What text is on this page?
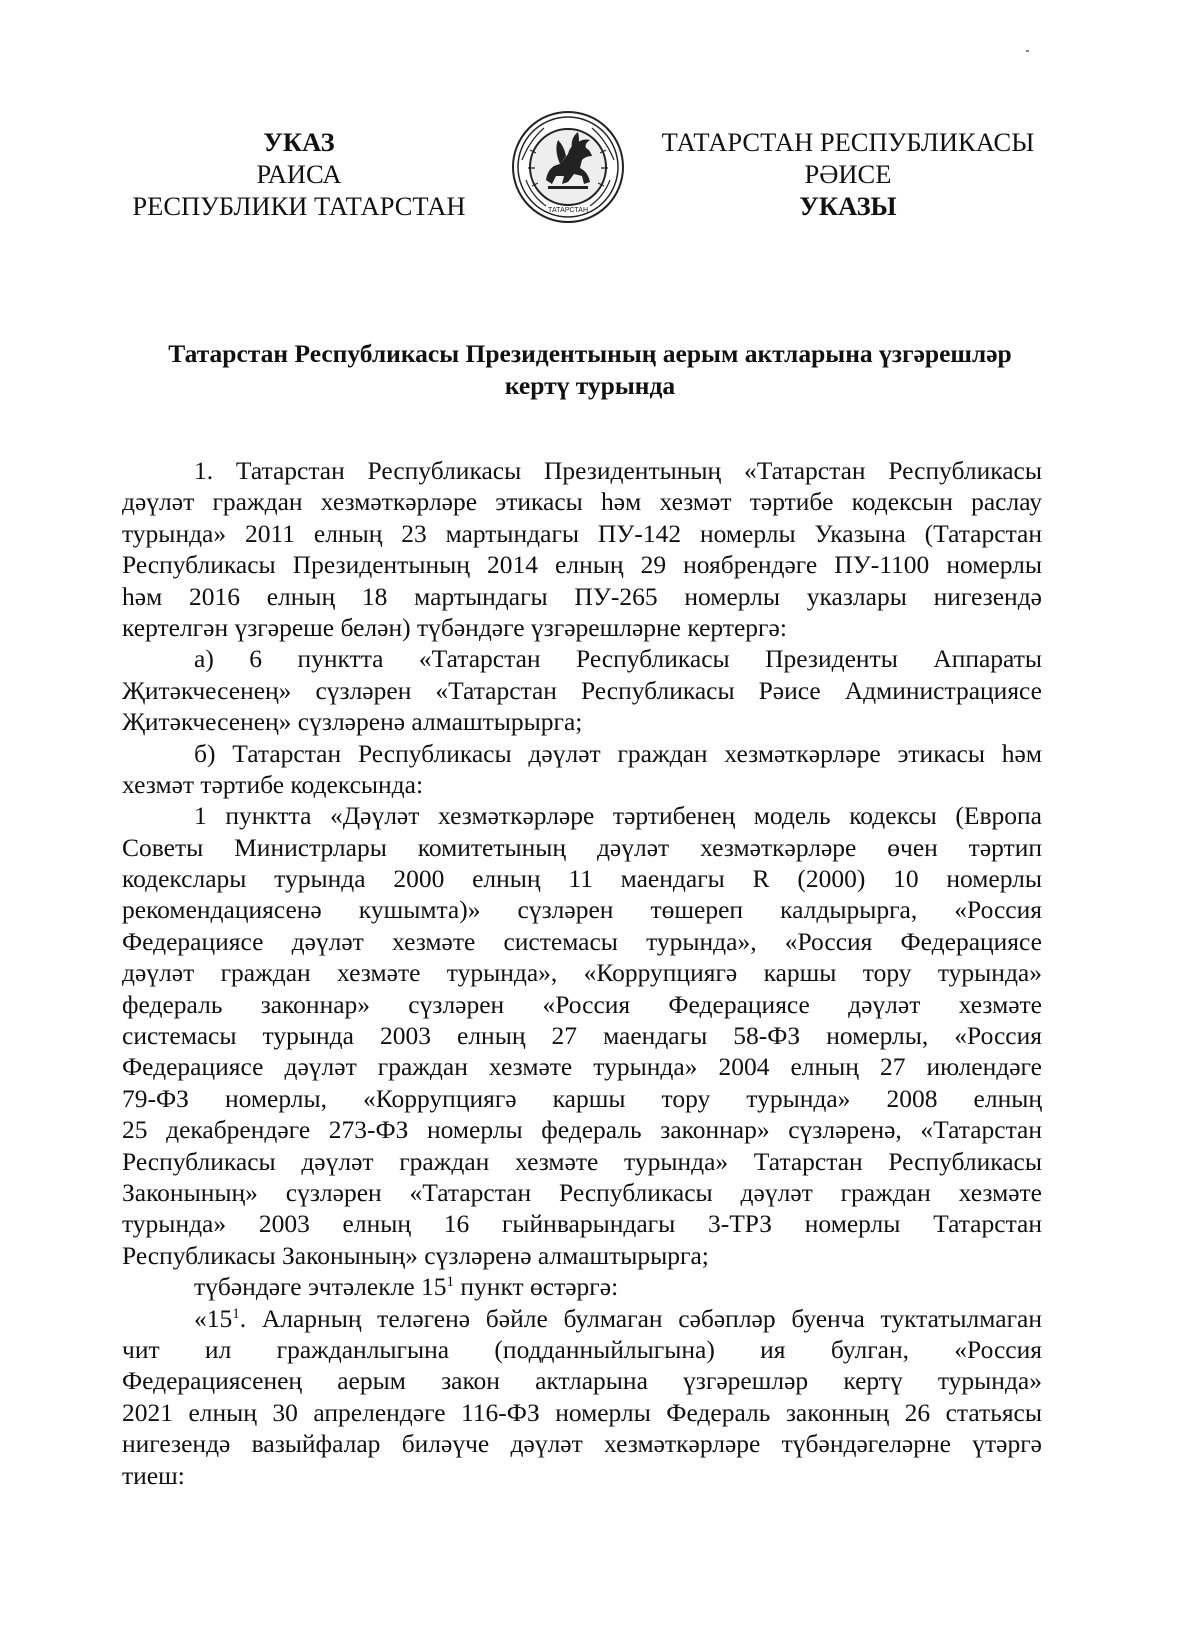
УКАЗ
РАИСА
РЕСПУБЛИКИ ТАТАРСТАН	ТАТАРСТАН
ТАТАРСТАН РЕСПУБЛИКАСЫ
РӘИСЕ
УКАЗЫ
Татарстан Республикасы Президентының аерым актларына үзгәрешләр
кертү турында
1. Татарстан Республикасы Президентының «Татарстан Республикасы
дәүләт граждан хезмәткәрләре этикасы һәм хезмәт тәртибе кодексын раслау
турында» 2011 елның 23 мартындагы ПУ-142 номерлы Указына (Татарстан
Республикасы Президентының 2014 елның 29 ноябрендәге ПУ-1100 номерлы
һәм 2016 елның 18 мартындагы ПУ-265 номерлы указлары нигезендә
кертелгән үзгәреше белән) түбәндәге үзгәрешләрне кертергә:
а) 6 пунктта «Татарстан Республикасы Президенты Аппараты
Җитәкчесенең» сүзләрен «Татарстан Республикасы Рәисе Администрациясе
Җитәкчесенең» сүзләренә алмаштырырга;
б) Татарстан Республикасы дәүләт граждан хезмәткәрләре этикасы һәм
хезмәт тәртибе кодексында:
1 пунктта «Дәүләт хезмәткәрләре тәртибенең модель кодексы (Европа
Советы Министрлары комитетының дәүләт хезмәткәрләре өчен тәртип
кодекслары турында 2000 елның 11 маендагы R (2000) 10 номерлы
рекомендациясенә кушымта)» сүзләрен төшереп калдырырга, «Россия
Федерациясе дәүләт хезмәте системасы турында», «Россия Федерациясе
дәүләт граждан хезмәте турында», «Коррупциягә каршы тору турында»
федераль законнар» сүзләрен «Россия Федерациясе дәүләт хезмәте
системасы турында 2003 елның 27 маендагы 58-ФЗ номерлы, «Россия
Федерациясе дәүләт граждан хезмәте турында» 2004 елның 27 июлендәге
79-ФЗ номерлы, «Коррупциягә каршы тору турында» 2008 елның
25 декабрендәге 273-ФЗ номерлы федераль законнар» сүзләренә, «Татарстан
Республикасы дәүләт граждан хезмәте турында» Татарстан Республикасы
Законының» сүзләрен «Татарстан Республикасы дәүләт граждан хезмәте
турында» 2003 елның 16 гыйнварындагы 3-ТРЗ номерлы Татарстан
Республикасы Законының» сүзләренә алмаштырырга;
түбәндәге эчтәлекле $15^1$ пункт өстәргә:
«$15^1$. Аларның теләгенә бәйле булмаган сәбәпләр буенча туктатылмаган
чит ил гражданлыгына (подданныйлыгына) ия булган, «Россия
Федерациясенең аерым закон актларына үзгәрешләр кертү турында»
2021 елның 30 апрелендәге 116-ФЗ номерлы Федераль законның 26 статьясы
нигезендә вазыйфалар биләүче дәүләт хезмәткәрләре түбәндәгеләрне үтәргә
тиеш:
